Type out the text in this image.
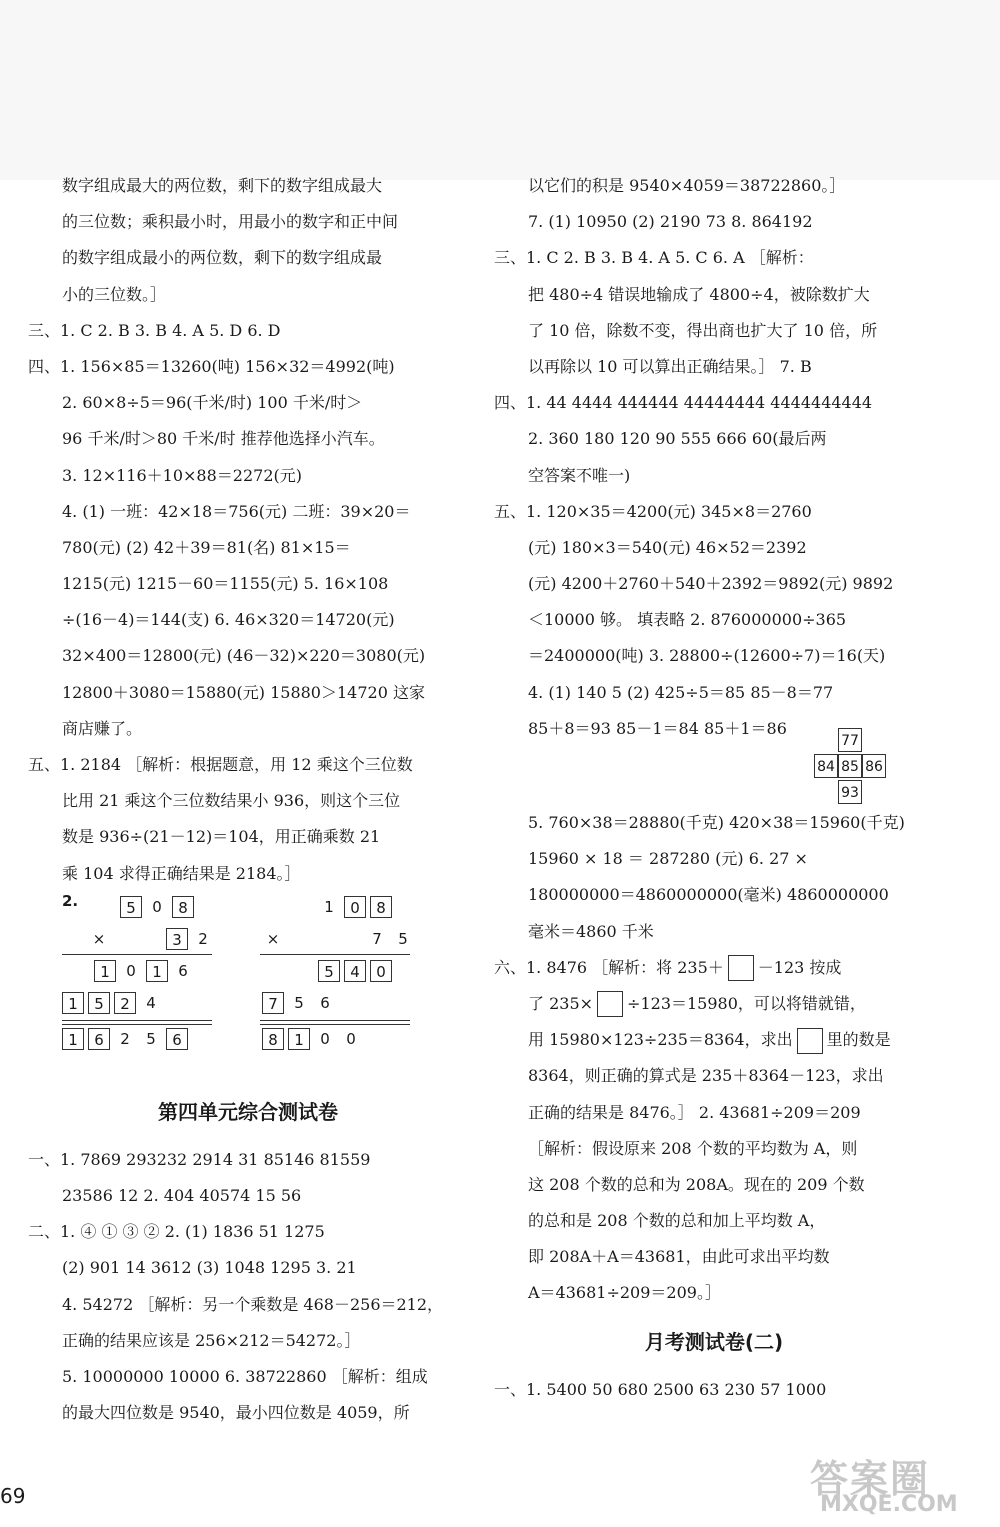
数字组成最大的两位数，剩下的数字组成最大
的三位数；乘积最小时，用最小的数字和正中间
的数字组成最小的两位数，剩下的数字组成最
小的三位数。］
三、1. C 2. B 3. B 4. A 5. D 6. D
四、1. 156×85＝13260(吨) 156×32＝4992(吨)
2. 60×8÷5＝96(千米/时) 100 千米/时＞
96 千米/时＞80 千米/时 推荐他选择小汽车。
3. 12×116＋10×88＝2272(元)
4. (1) 一班：42×18＝756(元) 二班：39×20＝
780(元) (2) 42＋39＝81(名) 81×15＝
1215(元) 1215－60＝1155(元) 5. 16×108
÷(16－4)＝144(支) 6. 46×320＝14720(元)
32×400＝12800(元) (46－32)×220＝3080(元)
12800＋3080＝15880(元) 15880＞14720 这家
商店赚了。
五、1. 2184 ［解析：根据题意，用 12 乘这个三位数
比用 21 乘这个三位数结果小 936，则这个三位
数是 936÷(21－12)＝104，用正确乘数 21
乘 104 求得正确结果是 2184。］
2.	5	0	8
×	3	2
1	0	1	6
1	5	2	4
1	6	2	5	6
1	0	8
×	7	5
5	4	0
7	5	6
8	1	0	0
第四单元综合测试卷
一、1. 7869 293232 2914 31 85146 81559
23586 12 2. 404 40574 15 56
二、1. ④ ① ③ ② 2. (1) 1836 51 1275
(2) 901 14 3612 (3) 1048 1295 3. 21
4. 54272 ［解析：另一个乘数是 468－256＝212，
正确的结果应该是 256×212＝54272。］
5. 10000000 10000 6. 38722860 ［解析：组成
的最大四位数是 9540，最小四位数是 4059，所
以它们的积是 9540×4059＝38722860。］
7. (1) 10950 (2) 2190 73 8. 864192
三、1. C 2. B 3. B 4. A 5. C 6. A ［解析：
把 480÷4 错误地输成了 4800÷4，被除数扩大
了 10 倍，除数不变，得出商也扩大了 10 倍，所
以再除以 10 可以算出正确结果。］ 7. B
四、1. 44 4444 444444 44444444 4444444444
2. 360 180 120 90 555 666 60(最后两
空答案不唯一)
五、1. 120×35＝4200(元) 345×8＝2760
(元) 180×3＝540(元) 46×52＝2392
(元) 4200＋2760＋540＋2392＝9892(元) 9892
＜10000 够。 填表略 2. 876000000÷365
＝2400000(吨) 3. 28800÷(12600÷7)＝16(天)
4. (1) 140 5 (2) 425÷5＝85 85－8＝77
85＋8＝93 85－1＝84 85＋1＝86
5. 760×38＝28880(千克) 420×38＝15960(千克)
15960 × 18 ＝ 287280 (元) 6. 27 ×
180000000＝4860000000(毫米) 4860000000
毫米＝4860 千米
六、1. 8476 ［解析：将 235＋ －123 按成
了 235× ÷123＝15980，可以将错就错，
用 15980×123÷235＝8364，求出 里的数是
8364，则正确的算式是 235＋8364－123，求出
正确的结果是 8476。］ 2. 43681÷209＝209
［解析：假设原来 208 个数的平均数为 A，则
这 208 个数的总和为 208A。现在的 209 个数
的总和是 208 个数的总和加上平均数 A，
即 208A＋A＝43681，由此可求出平均数
A＝43681÷209＝209。］
月考测试卷(二)
一、1. 5400 50 680 2500 63 230 57 1000
77
84 85 86
93
69	答案圈
MXQE.COM
